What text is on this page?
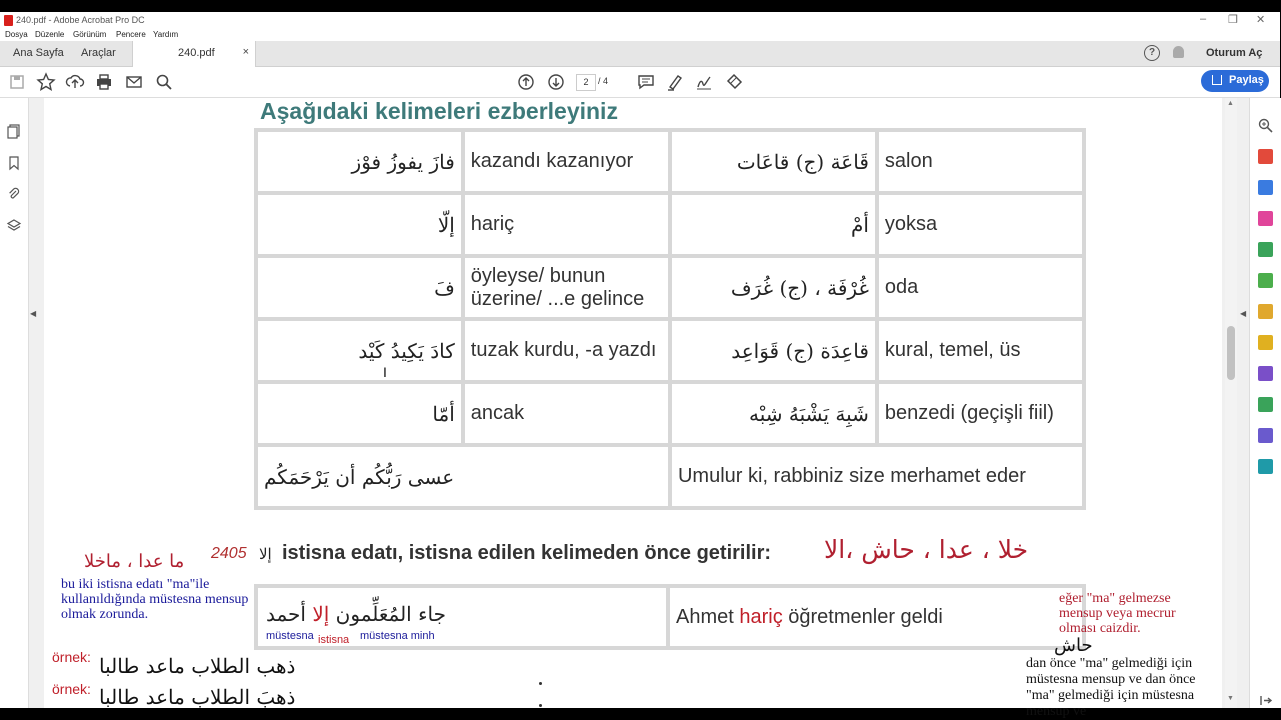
240.pdf - Adobe Acrobat Pro DC	– ❐ ✕
Dosya Düzenle Görünüm Pencere Yardım
Ana Sayfa Araçlar	240.pdf	×	?	Oturum Aç
2	/ 4	Paylaş
◀
Aşağıdaki kelimeleri ezberleyiniz
فازَ يفوزُ فوْز	kazandı kazanıyor	قَاعَة (ج) قاعَات	salon
إلّا	hariç	أمْ	yoksa
فَ	öyleyse/ bunun üzerine/ ...e gelince	غُرْفَة ، (ج) غُرَف	oda
كادَ يَكِيدُ كَيْد	tuzak kurdu, -a yazdı	قاعِدَة (ج) قَوَاعِد	kural, temel, üs
أمّا	ancak	شَبِهَ يَشْبَهُ شِبْه	benzedi (geçişli fiil)
عسى رَبُّكُم أن يَرْحَمَكُم		Umulur ki, rabbiniz size merhamet eder	
2405 إلا istisna edatı, istisna edilen kelimeden önce getirilir: خلا ، عدا ، حاش ،الا
ما عدا ، ماخلا
bu iki istisna edatı "ma"ile kullanıldığında müstesna mensup olmak zorunda.	جاء المُعَلِّمون إلا أحمد
müstesna istisna müstesna minh
	Ahmet hariç öğretmenler geldi
eğer "ma" gelmezse mensup veya mecrur olması caizdir.
حاش
dan önce "ma" gelmediği için müstesna mensup ve dan önce "ma" gelmediği için müstesna mensup ve
örnek:
örnek:
ذهب الطلاب ماعد طالبا
ذهبَ الطلاب ماعد طالبا
I
▲
▼
◀
